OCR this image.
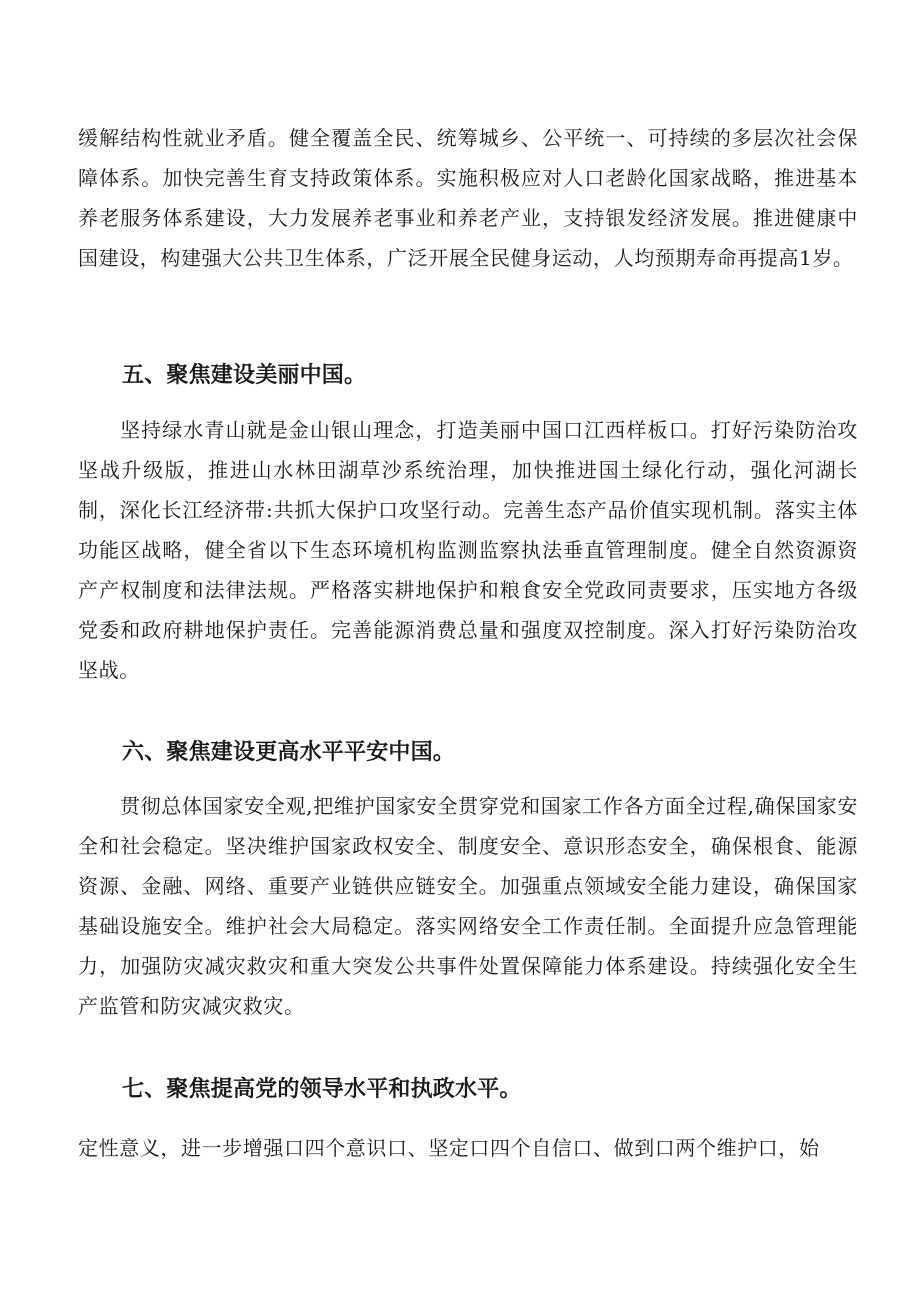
缓解结构性就业矛盾。健全覆盖全民、统筹城乡、公平统一、可持续的多层次社会保障体系。加快完善生育支持政策体系。实施积极应对人口老龄化国家战略，推进基本养老服务体系建设，大力发展养老事业和养老产业，支持银发经济发展。推进健康中国建设，构建强大公共卫生体系，广泛开展全民健身运动，人均预期寿命再提高1岁。

五、聚焦建设美丽中国。

坚持绿水青山就是金山银山理念，打造美丽中国口江西样板口。打好污染防治攻坚战升级版，推进山水林田湖草沙系统治理，加快推进国土绿化行动，强化河湖长制，深化长江经济带:共抓大保护口攻坚行动。完善生态产品价值实现机制。落实主体功能区战略，健全省以下生态环境机构监测监察执法垂直管理制度。健全自然资源资产产权制度和法律法规。严格落实耕地保护和粮食安全党政同责要求，压实地方各级党委和政府耕地保护责任。完善能源消费总量和强度双控制度。深入打好污染防治攻坚战。

六、聚焦建设更高水平平安中国。

贯彻总体国家安全观,把维护国家安全贯穿党和国家工作各方面全过程,确保国家安全和社会稳定。坚决维护国家政权安全、制度安全、意识形态安全，确保根食、能源资源、金融、网络、重要产业链供应链安全。加强重点领域安全能力建设，确保国家基础设施安全。维护社会大局稳定。落实网络安全工作责任制。全面提升应急管理能力，加强防灾减灾救灾和重大突发公共事件处置保障能力体系建设。持续强化安全生产监管和防灾减灾救灾。

七、聚焦提高党的领导水平和执政水平。

定性意义，进一步增强口四个意识口、坚定口四个自信口、做到口两个维护口，始
